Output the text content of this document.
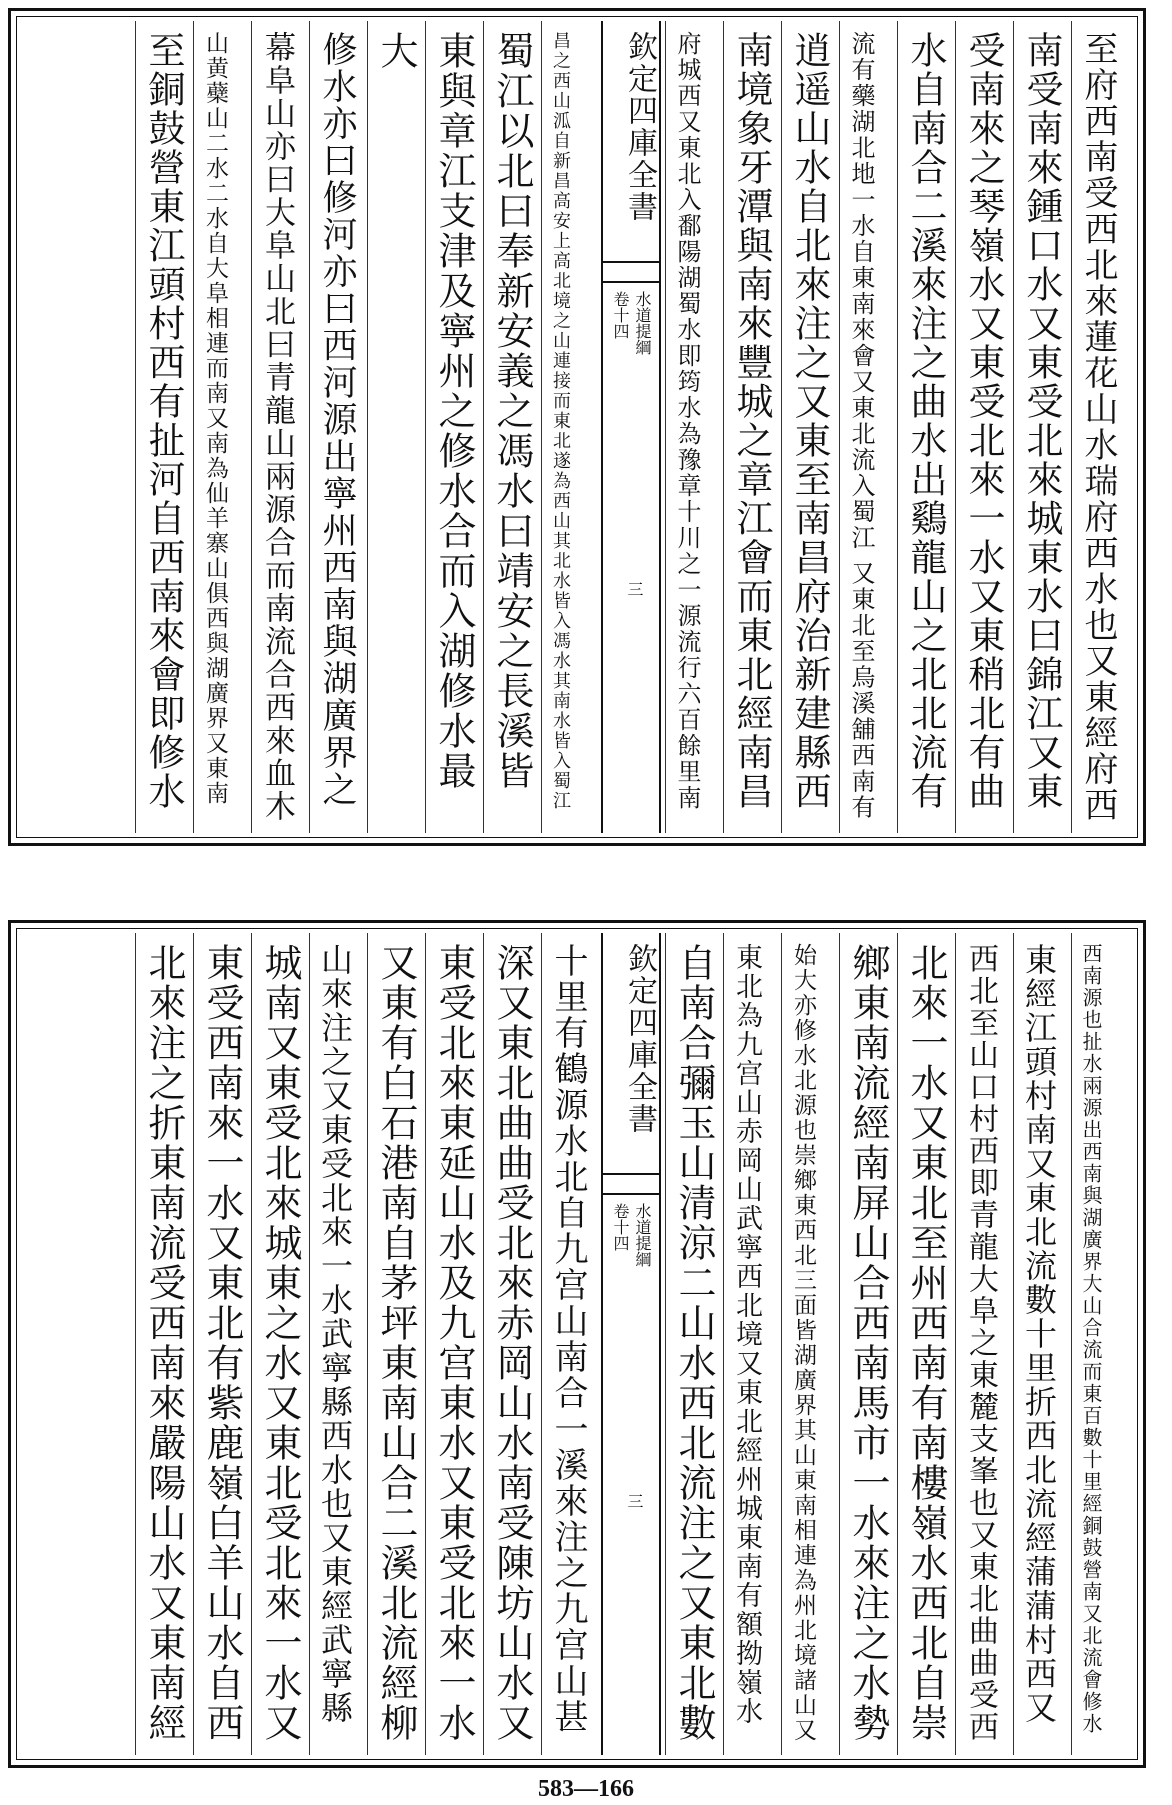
至府西南受西北來蓮花山水瑞府西水也又東經府西
南受南來鍾口水又東受北來城東水曰錦江又東
受南來之琴嶺水又東受北來一水又東稍北有曲
水自南合二溪來注之曲水出鷄龍山之北北流有
流有藥湖北地一水自東南來會又東北流入蜀江 又東北至烏溪舖西南有
逍遥山水自北來注之又東至南昌府治新建縣西
南境象牙潭與南來豐城之章江會而東北經南昌
府城西又東北入鄱陽湖蜀水即筠水為豫章十川之一源流行六百餘里南
欽定四庫全書
水道提綱
卷十四
三
昌之西山泒自新昌高安上高北境之山連接而東北遂為西山其北水皆入馮水其南水皆入蜀江
蜀江以北曰奉新安義之馮水曰靖安之長溪皆
東與章江支津及寧州之修水合而入湖修水最
大
修水亦曰修河亦曰西河源出寧州西南與湖廣界之
幕阜山亦曰大阜山北曰青龍山兩源合而南流合西來血木
山黄蘗山二水二水自大阜相連而南又南為仙羊寨山俱西與湖廣界又東南
至銅鼓營東江頭村西有扯河自西南來會即修水
西南源也扯水兩源出西南與湖廣界大山合流而東百數十里經銅鼓營南又北流會修水
東經江頭村南又東北流數十里折西北流經蒲蒲村西又
西北至山口村西即青龍大阜之東麓支峯也又東北曲曲受西
北來一水又東北至州西南有南樓嶺水西北自崇
鄉東南流經南屏山合西南馬市一水來注之水勢
始大亦修水北源也崇鄉東西北三面皆湖廣界其山東南相連為州北境諸山又
東北為九宫山赤岡山武寧西北境又東北經州城東南有額拗嶺水
自南合彌玉山清涼二山水西北流注之又東北數
欽定四庫全書
水道提綱
卷十四
三
十里有鶴源水北自九宫山南合一溪來注之九宫山甚
深又東北曲曲受北來赤岡山水南受陳坊山水又
東受北來東延山水及九宫東水又東受北來一水
又東有白石港南自茅坪東南山合二溪北流經柳
山來注之又東受北來一水武寧縣西水也又東經武寧縣
城南又東受北來城東之水又東北受北來一水又
東受西南來一水又東北有紫鹿嶺白羊山水自西
北來注之折東南流受西南來嚴陽山水又東南經
583—166
